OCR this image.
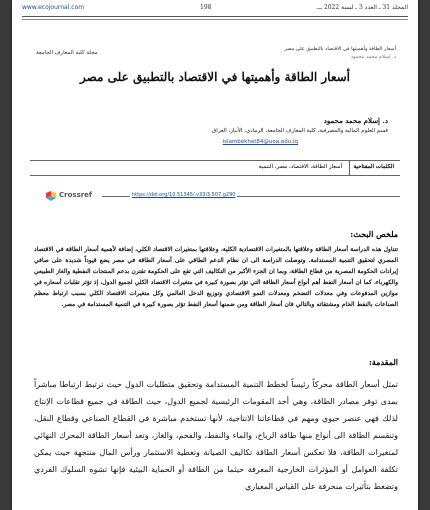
www.ecojournal.com	198	المجلد 31 ـ العدد 3 ـ لسنة 2022 ـــ
أسعار الطاقة وأهميتها في الاقتصاد بالتطبيق على مصر
د. إسلام محمد محمود
مجلة كلية المعارف الجامعة
أسعار الطاقة وأهميتها في الاقتصاد بالتطبيق على مصر
د. إسلام محمد محمود
قسم العلوم المالية والمصرفية، كلية المعارف الجامعة، الرمادي، الأنبار، العراق
islambekhet84@uoa.edu.iq
الكلمات المفتاحية
أسعار الطاقة، الاقتصاد، مصر، التنمية
Crossref	https://doi.org/10.51345/.v33i3.507.g290
ملخص البحث:
تتناول هذه الدراسة أسعار الطاقة وعلاقتها بالمتغيرات الاقتصادية الكلية، وعلاقتها بمتغيرات الاقتصاد الكلي، إضافة لأهمية أسعار الطاقة في الاقتصاد المصري لتحقيق التنمية المستدامة. وتوصلت الدراسة الى ان نظام الدعم الطاقي على أسعار الطاقة في مصر يضع قيوداً شديدة على صافي إيرادات الحكومة المصرية من قطاع الطاقة، وبما ان الجزء الأكبر من التكاليف التي تقع على الحكومة تقترن بدعم المنتجات النفطية والغاز الطبيعي والكهرباء، كما ان أسعار النفط أهم أنواع أسعار الطاقة التي تؤثر بصورة كبيرة في متغيرات الاقتصاد الكلي لجميع الدول، إذ تؤثر تقلبات أسعاره في موازين المدفوعات وفي معدلات التضخم ومعدلات النمو الاقتصادي وتوزيع الدخل العالمي وكل متغيرات الاقتصاد الكلي بسبب ارتباط معظم الصناعات بالنفط الخام ومشتقاته وبالتالي فان أسعار الطاقة ومن ضمنها أسعار النفط تؤثر بصورة كبيرة في التنمية المستدامة في مصر.
المقدمة:
تمثل أسعار الطاقة محركاً رئيساً لخطط التنمية المستدامة وتحقيق متطلبات الدول حيث ترتبط ارتباطا مباشراً بمدى توفر مصادر الطاقة، وهي أحد المقومات الرئيسية لجميع الدول، حيث الطاقة في جميع قطاعات الإنتاج لذلك فهي عنصر حيوي ومهم في قطاعاتنا الانتاجية، لأنها تستخدم مباشرة في القطاع الصناعي وقطاع النقل، وتنقسم الطاقة الى أنواع منها طاقة الرياح، والماء والنفط، والفحم، والغاز، وتعد أسعار الطاقة المحرك النهائي لمتغيرات الطاقة، فلا تعكس أسعار الطاقة تكاليف الصيانة وتغطية الاستثمار ورأس المال منتجهة حيث يمكن تكلفة العوامل أو المؤثرات الخارجية المعرفة حيثما من الطاقة أو الحماية البيئية فإنها تشوه السلوك الفردي وتضغط بتأثيرات منحرفة على القياس المعياري
